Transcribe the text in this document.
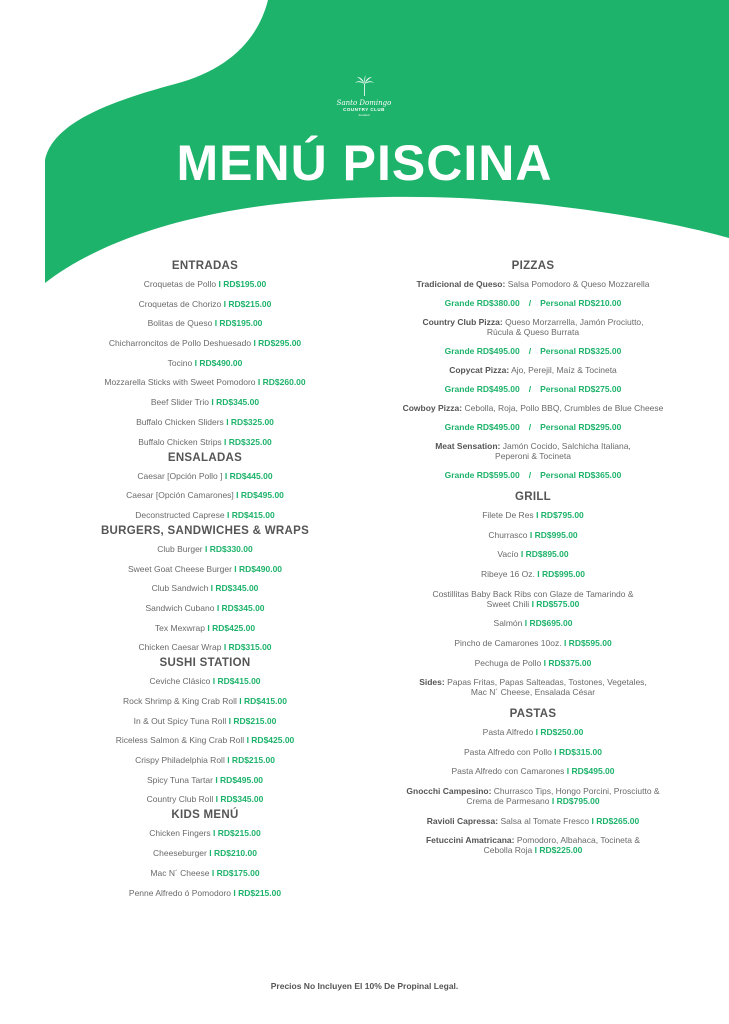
Santo Domingo
COUNTRY CLUB
founded
MENÚ PISCINA
ENTRADAS
Croquetas de Pollo I RD$195.00
Croquetas de Chorizo I RD$215.00
Bolitas de Queso I RD$195.00
Chicharroncitos de Pollo Deshuesado I RD$295.00
Tocino I RD$490.00
Mozzarella Sticks with Sweet Pomodoro I RD$260.00
Beef Slider Trio I RD$345.00
Buffalo Chicken Sliders I RD$325.00
Buffalo Chicken Strips I RD$325.00
ENSALADAS
Caesar [Opción Pollo ] I RD$445.00
Caesar [Opción Camarones] I RD$495.00
Deconstructed Caprese I RD$415.00
BURGERS, SANDWICHES & WRAPS
Club Burger I RD$330.00
Sweet Goat Cheese Burger I RD$490.00
Club Sandwich I RD$345.00
Sandwich Cubano I RD$345.00
Tex Mexwrap I RD$425.00
Chicken Caesar Wrap I RD$315.00
SUSHI STATION
Ceviche Clásico I RD$415.00
Rock Shrimp & King Crab Roll I RD$415.00
In & Out Spicy Tuna Roll I RD$215.00
Riceless Salmon & King Crab Roll I RD$425.00
Crispy Philadelphia Roll I RD$215.00
Spicy Tuna Tartar I RD$495.00
Country Club Roll I RD$345.00
KIDS MENÚ
Chicken Fingers I RD$215.00
Cheeseburger I RD$210.00
Mac N´ Cheese I RD$175.00
Penne Alfredo ó Pomodoro I RD$215.00
PIZZAS
Tradicional de Queso: Salsa Pomodoro & Queso Mozzarella
Grande RD$380.00 / Personal RD$210.00
Country Club Pizza: Queso Morzarrella, Jamón Prociutto,
Rúcula & Queso Burrata
Grande RD$495.00 / Personal RD$325.00
Copycat Pizza: Ajo, Perejil, Maíz & Tocineta
Grande RD$495.00 / Personal RD$275.00
Cowboy Pizza: Cebolla, Roja, Pollo BBQ, Crumbles de Blue Cheese
Grande RD$495.00 / Personal RD$295.00
Meat Sensation: Jamón Cocido, Salchicha Italiana,
Peperoni & Tocineta
Grande RD$595.00 / Personal RD$365.00
GRILL
Filete De Res I RD$795.00
Churrasco I RD$995.00
Vacío I RD$895.00
Ribeye 16 Oz. I RD$995.00
Costillitas Baby Back Ribs con Glaze de Tamarindo &
Sweet Chili I RD$575.00
Salmón I RD$695.00
Pincho de Camarones 10oz. I RD$595.00
Pechuga de Pollo I RD$375.00
Sides: Papas Fritas, Papas Salteadas, Tostones, Vegetales,
Mac N´ Cheese, Ensalada César
PASTAS
Pasta Alfredo I RD$250.00
Pasta Alfredo con Pollo I RD$315.00
Pasta Alfredo con Camarones I RD$495.00
Gnocchi Campesino: Churrasco Tips, Hongo Porcini, Prosciutto &
Crema de Parmesano I RD$795.00
Ravioli Capressa: Salsa al Tomate Fresco I RD$265.00
Fetuccini Amatricana: Pomodoro, Albahaca, Tocineta &
Cebolla Roja I RD$225.00
Precios No Incluyen El 10% De Propinal Legal.
